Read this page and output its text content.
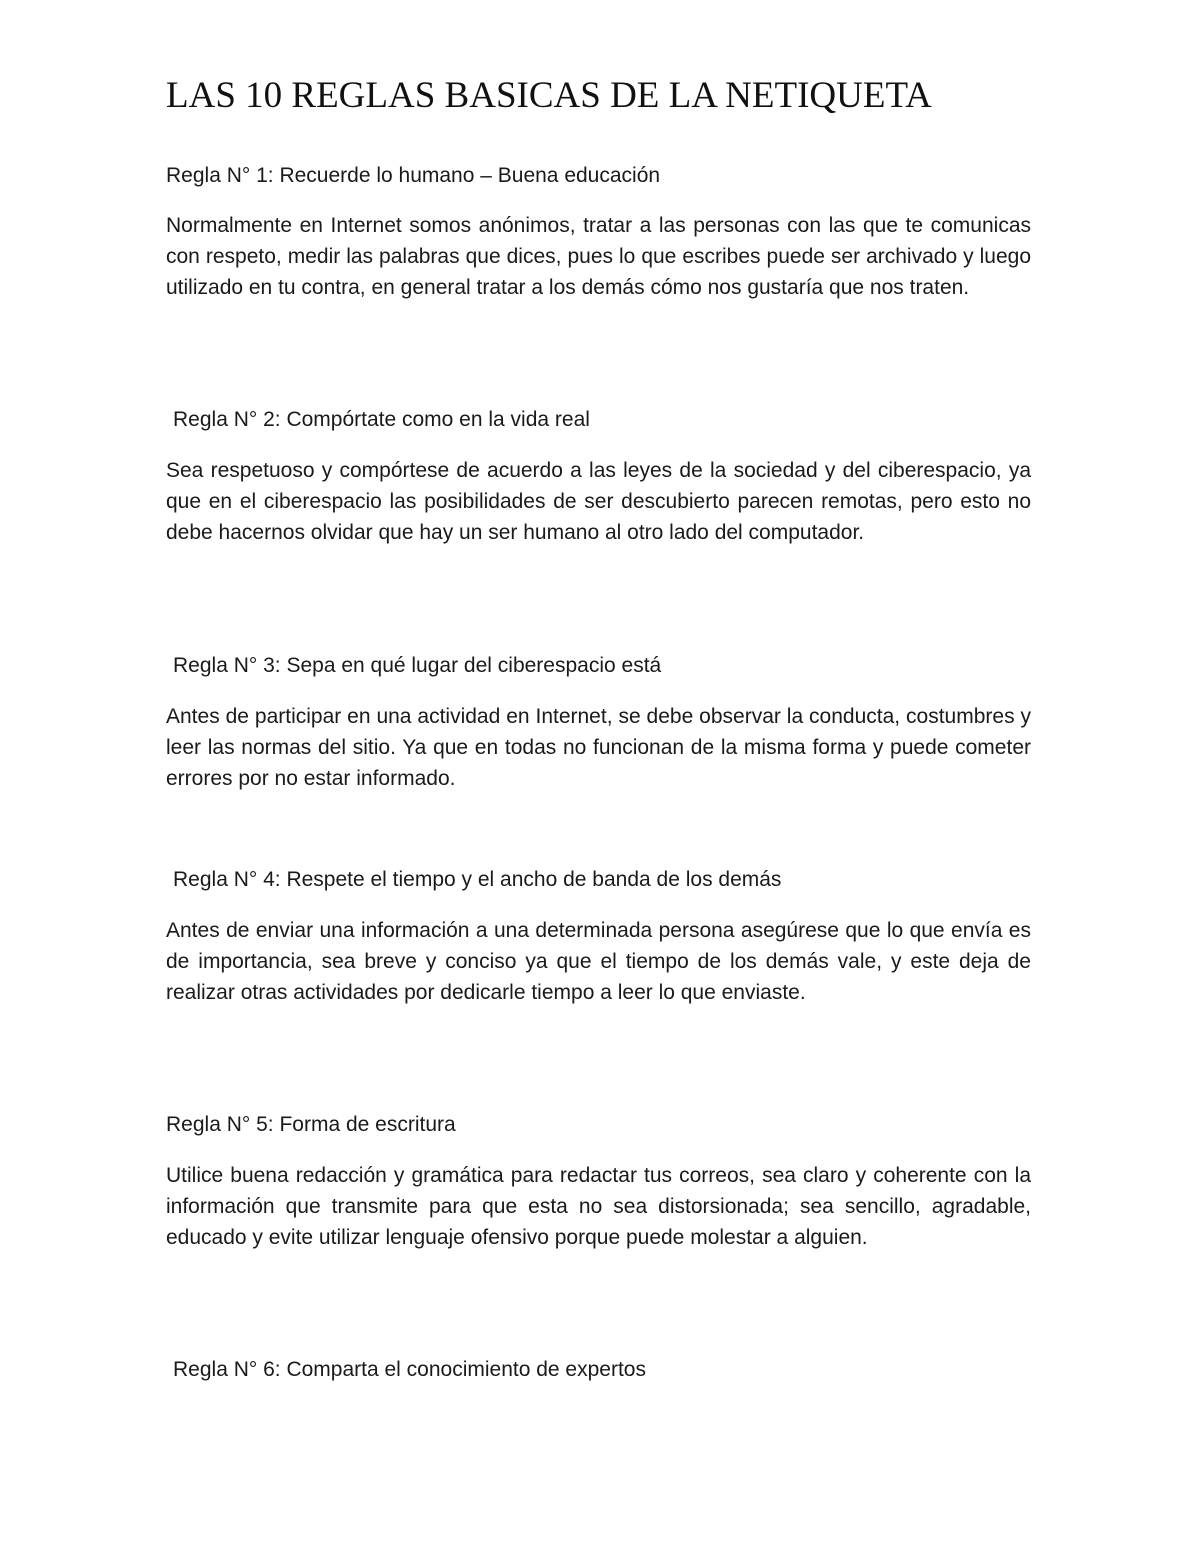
LAS 10 REGLAS BASICAS DE LA NETIQUETA
Regla N° 1: Recuerde lo humano – Buena educación

Normalmente en Internet somos anónimos, tratar a las personas con las que te comunicas con respeto, medir las palabras que dices, pues lo que escribes puede ser archivado y luego utilizado en tu contra, en general tratar a los demás cómo nos gustaría que nos traten.

Regla N° 2: Compórtate como en la vida real

Sea respetuoso y compórtese de acuerdo a las leyes de la sociedad y del ciberespacio, ya que en el ciberespacio las posibilidades de ser descubierto parecen remotas, pero esto no debe hacernos olvidar que hay un ser humano al otro lado del computador.

Regla N° 3: Sepa en qué lugar del ciberespacio está

Antes de participar en una actividad en Internet, se debe observar la conducta, costumbres y leer las normas del sitio. Ya que en todas no funcionan de la misma forma y puede cometer errores por no estar informado.

Regla N° 4: Respete el tiempo y el ancho de banda de los demás

Antes de enviar una información a una determinada persona asegúrese que lo que envía es de importancia, sea breve y conciso ya que el tiempo de los demás vale, y este deja de realizar otras actividades por dedicarle tiempo a leer lo que enviaste.

Regla N° 5: Forma de escritura

Utilice buena redacción y gramática para redactar tus correos, sea claro y coherente con la información que transmite para que esta no sea distorsionada; sea sencillo, agradable, educado y evite utilizar lenguaje ofensivo porque puede molestar a alguien.

Regla N° 6: Comparta el conocimiento de expertos
